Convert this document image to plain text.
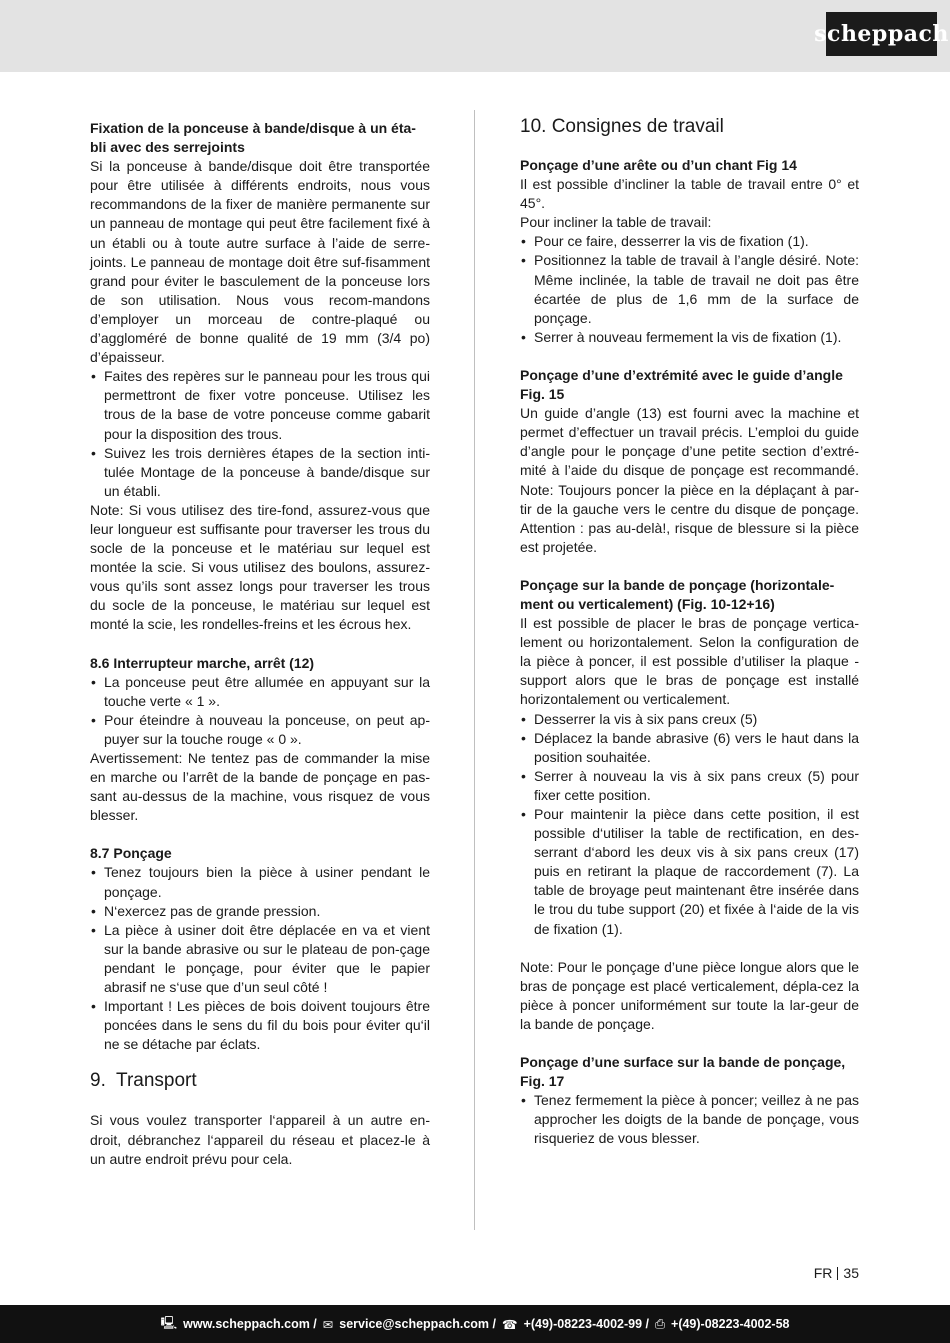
scheppach

Fixation de la ponceuse à bande/disque à un éta-
bli avec des serrejoints

Si la ponceuse à bande/disque doit être transportée pour être utilisée à différents endroits, nous vous recommandons de la fixer de manière permanente sur un panneau de montage qui peut être facilement fixé à un établi ou à toute autre surface à l’aide de serre-joints. Le panneau de montage doit être suf-fisamment grand pour éviter le basculement de la ponceuse lors de son utilisation. Nous vous recom-mandons d’employer un morceau de contre-plaqué ou d’aggloméré de bonne qualité de 19 mm (3/4 po) d’épaisseur.

• Faites des repères sur le panneau pour les trous qui permettront de fixer votre ponceuse. Utilisez les trous de la base de votre ponceuse comme gabarit pour la disposition des trous.
• Suivez les trois dernières étapes de la section inti-tulée Montage de la ponceuse à bande/disque sur un établi.

Note: Si vous utilisez des tire-fond, assurez-vous que leur longueur est suffisante pour traverser les trous du socle de la ponceuse et le matériau sur lequel est montée la scie. Si vous utilisez des boulons, assurez-vous qu’ils sont assez longs pour traverser les trous du socle de la ponceuse, le matériau sur lequel est monté la scie, les rondelles-freins et les écrous hex.

8.6 Interrupteur marche, arrêt (12)

• La ponceuse peut être allumée en appuyant sur la touche verte « 1 ».
• Pour éteindre à nouveau la ponceuse, on peut ap-puyer sur la touche rouge « 0 ».

Avertissement: Ne tentez pas de commander la mise en marche ou l’arrêt de la bande de ponçage en pas-sant au-dessus de la machine, vous risquez de vous blesser.

8.7 Ponçage

• Tenez toujours bien la pièce à usiner pendant le ponçage.
• N‘exercez pas de grande pression.
• La pièce à usiner doit être déplacée en va et vient sur la bande abrasive ou sur le plateau de pon-çage pendant le ponçage, pour éviter que le papier abrasif ne s‘use que d’un seul côté !
• Important ! Les pièces de bois doivent toujours être poncées dans le sens du fil du bois pour éviter qu‘il ne se détache par éclats.
9.  Transport

Si vous voulez transporter l‘appareil à un autre en-droit, débranchez l‘appareil du réseau et placez-le à un autre endroit prévu pour cela.

10. Consignes de travail

Ponçage d’une arête ou d’un chant Fig 14

Il est possible d’incliner la table de travail entre 0° et 45°.

Pour incliner la table de travail:

• Pour ce faire, desserrer la vis de fixation (1).
• Positionnez la table de travail à l’angle désiré. Note: Même inclinée, la table de travail ne doit pas être écartée de plus de 1,6 mm de la surface de ponçage.
• Serrer à nouveau fermement la vis de fixation (1).

Ponçage d’une d’extrémité avec le guide d’angle
Fig. 15

Un guide d’angle (13) est fourni avec la machine et permet d’effectuer un travail précis. L’emploi du guide d’angle pour le ponçage d’une petite section d’extré-mité à l’aide du disque de ponçage est recommandé. Note: Toujours poncer la pièce en la déplaçant à par-tir de la gauche vers le centre du disque de ponçage. Attention : pas au-delà!, risque de blessure si la pièce est projetée.

Ponçage sur la bande de ponçage (horizontale-
ment ou verticalement) (Fig. 10-12+16)

Il est possible de placer le bras de ponçage vertica-lement ou horizontalement. Selon la configuration de la pièce à poncer, il est possible d’utiliser la plaque - support alors que le bras de ponçage est installé horizontalement ou verticalement.

• Desserrer la vis à six pans creux (5)
• Déplacez la bande abrasive (6) vers le haut dans la position souhaitée.
• Serrer à nouveau la vis à six pans creux (5) pour fixer cette position.
• Pour maintenir la pièce dans cette position, il est possible d‘utiliser la table de rectification, en des-serrant d‘abord les deux vis à six pans creux (17) puis en retirant la plaque de raccordement (7). La table de broyage peut maintenant être insérée dans le trou du tube support (20) et fixée à l‘aide de la vis de fixation (1).

Note: Pour le ponçage d’une pièce longue alors que le bras de ponçage est placé verticalement, dépla-cez la pièce à poncer uniformément sur toute la lar-geur de la bande de ponçage.

Ponçage d’une surface sur la bande de ponçage,
Fig. 17

• Tenez fermement la pièce à poncer; veillez à ne pas approcher les doigts de la bande de ponçage, vous risqueriez de vous blesser.
FR 35
🖳 www.scheppach.com / ✉ service@scheppach.com / ☎ +(49)-08223-4002-99 / ⎙ +(49)-08223-4002-58
